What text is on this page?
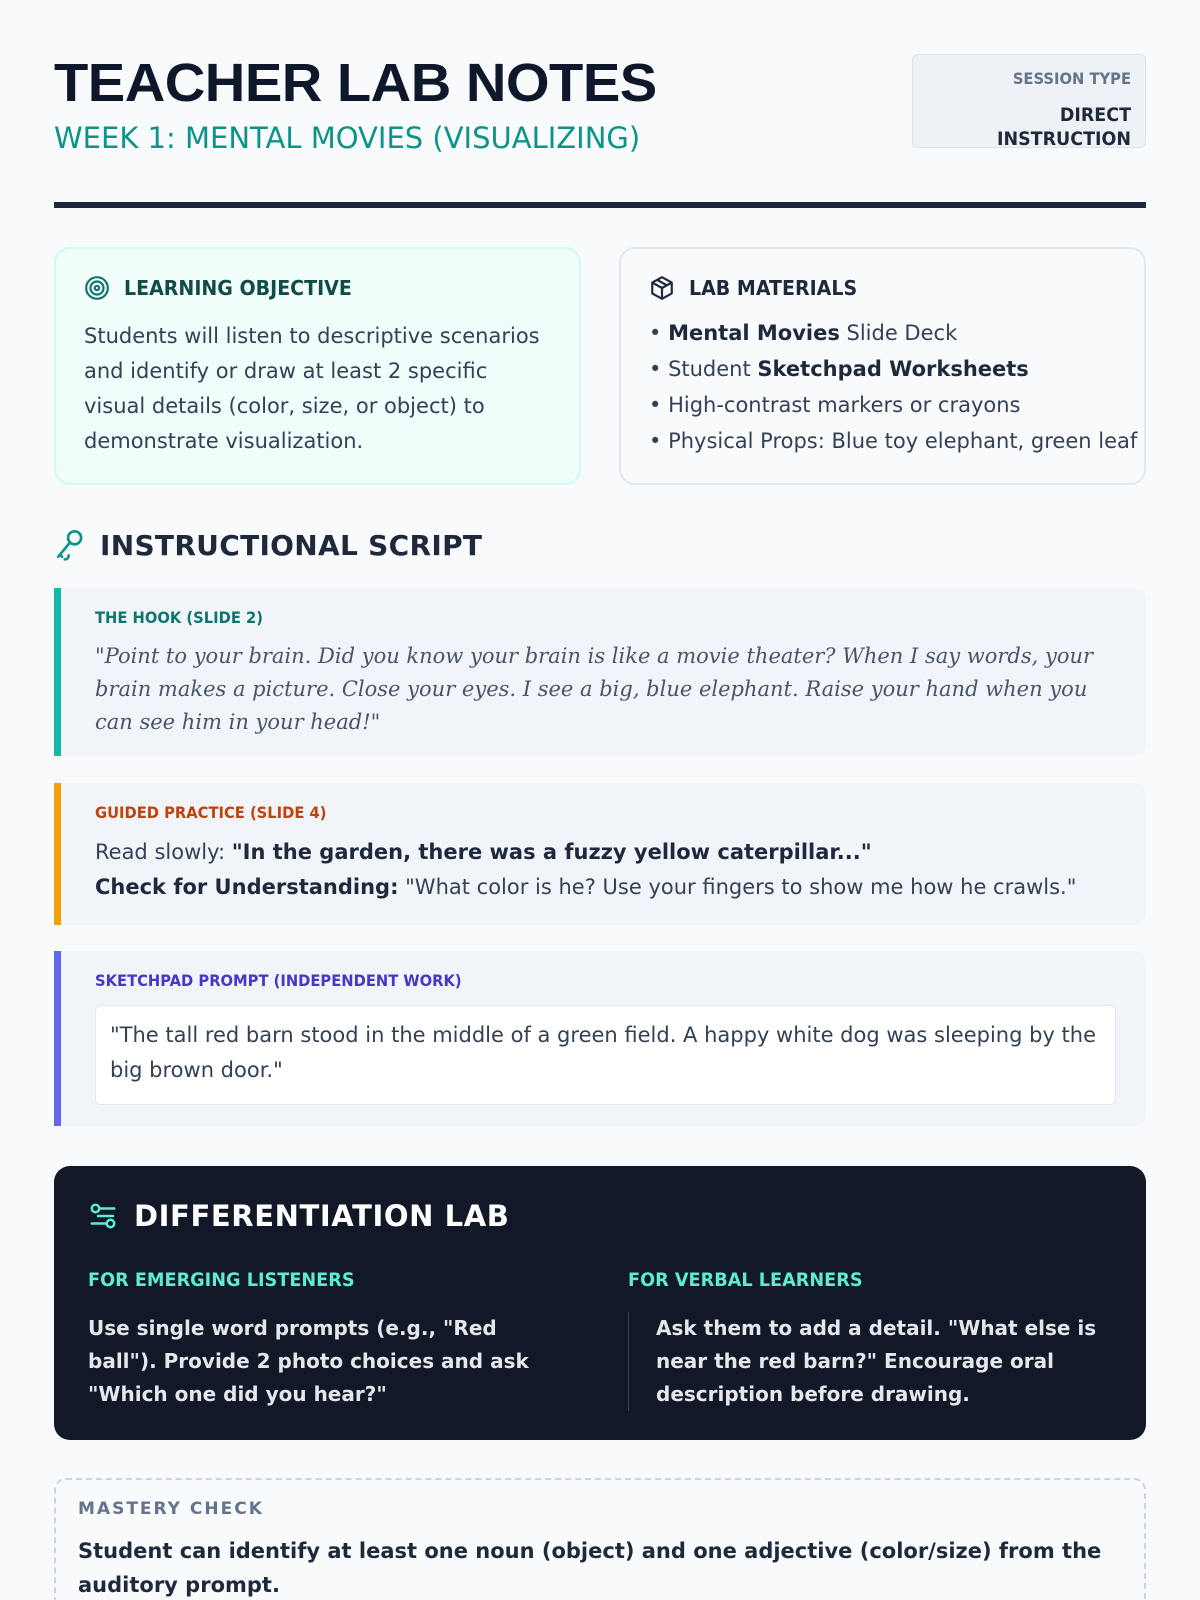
TEACHER LAB NOTES
WEEK 1: MENTAL MOVIES (VISUALIZING)
SESSION TYPE
DIRECT INSTRUCTION
LEARNING OBJECTIVE

Students will listen to descriptive scenarios and identify or draw at least 2 specific visual details (color, size, or object) to demonstrate visualization.

LAB MATERIALS
• Mental Movies Slide Deck
• Student Sketchpad Worksheets
• High-contrast markers or crayons
• Physical Props: Blue toy elephant, green leaf
INSTRUCTIONAL SCRIPT
THE HOOK (SLIDE 2)

"Point to your brain. Did you know your brain is like a movie theater? When I say words, your brain makes a picture. Close your eyes. I see a big, blue elephant. Raise your hand when you can see him in your head!"

GUIDED PRACTICE (SLIDE 4)
Read slowly: "In the garden, there was a fuzzy yellow caterpillar..."
Check for Understanding: "What color is he? Use your fingers to show me how he crawls."
SKETCHPAD PROMPT (INDEPENDENT WORK)
"The tall red barn stood in the middle of a green field. A happy white dog was sleeping by the big brown door."
DIFFERENTIATION LAB
FOR EMERGING LISTENERS

Use single word prompts (e.g., "Red ball"). Provide 2 photo choices and ask "Which one did you hear?"

FOR VERBAL LEARNERS

Ask them to add a detail. "What else is near the red barn?" Encourage oral description before drawing.

MASTERY CHECK

Student can identify at least one noun (object) and one adjective (color/size) from the auditory prompt.
